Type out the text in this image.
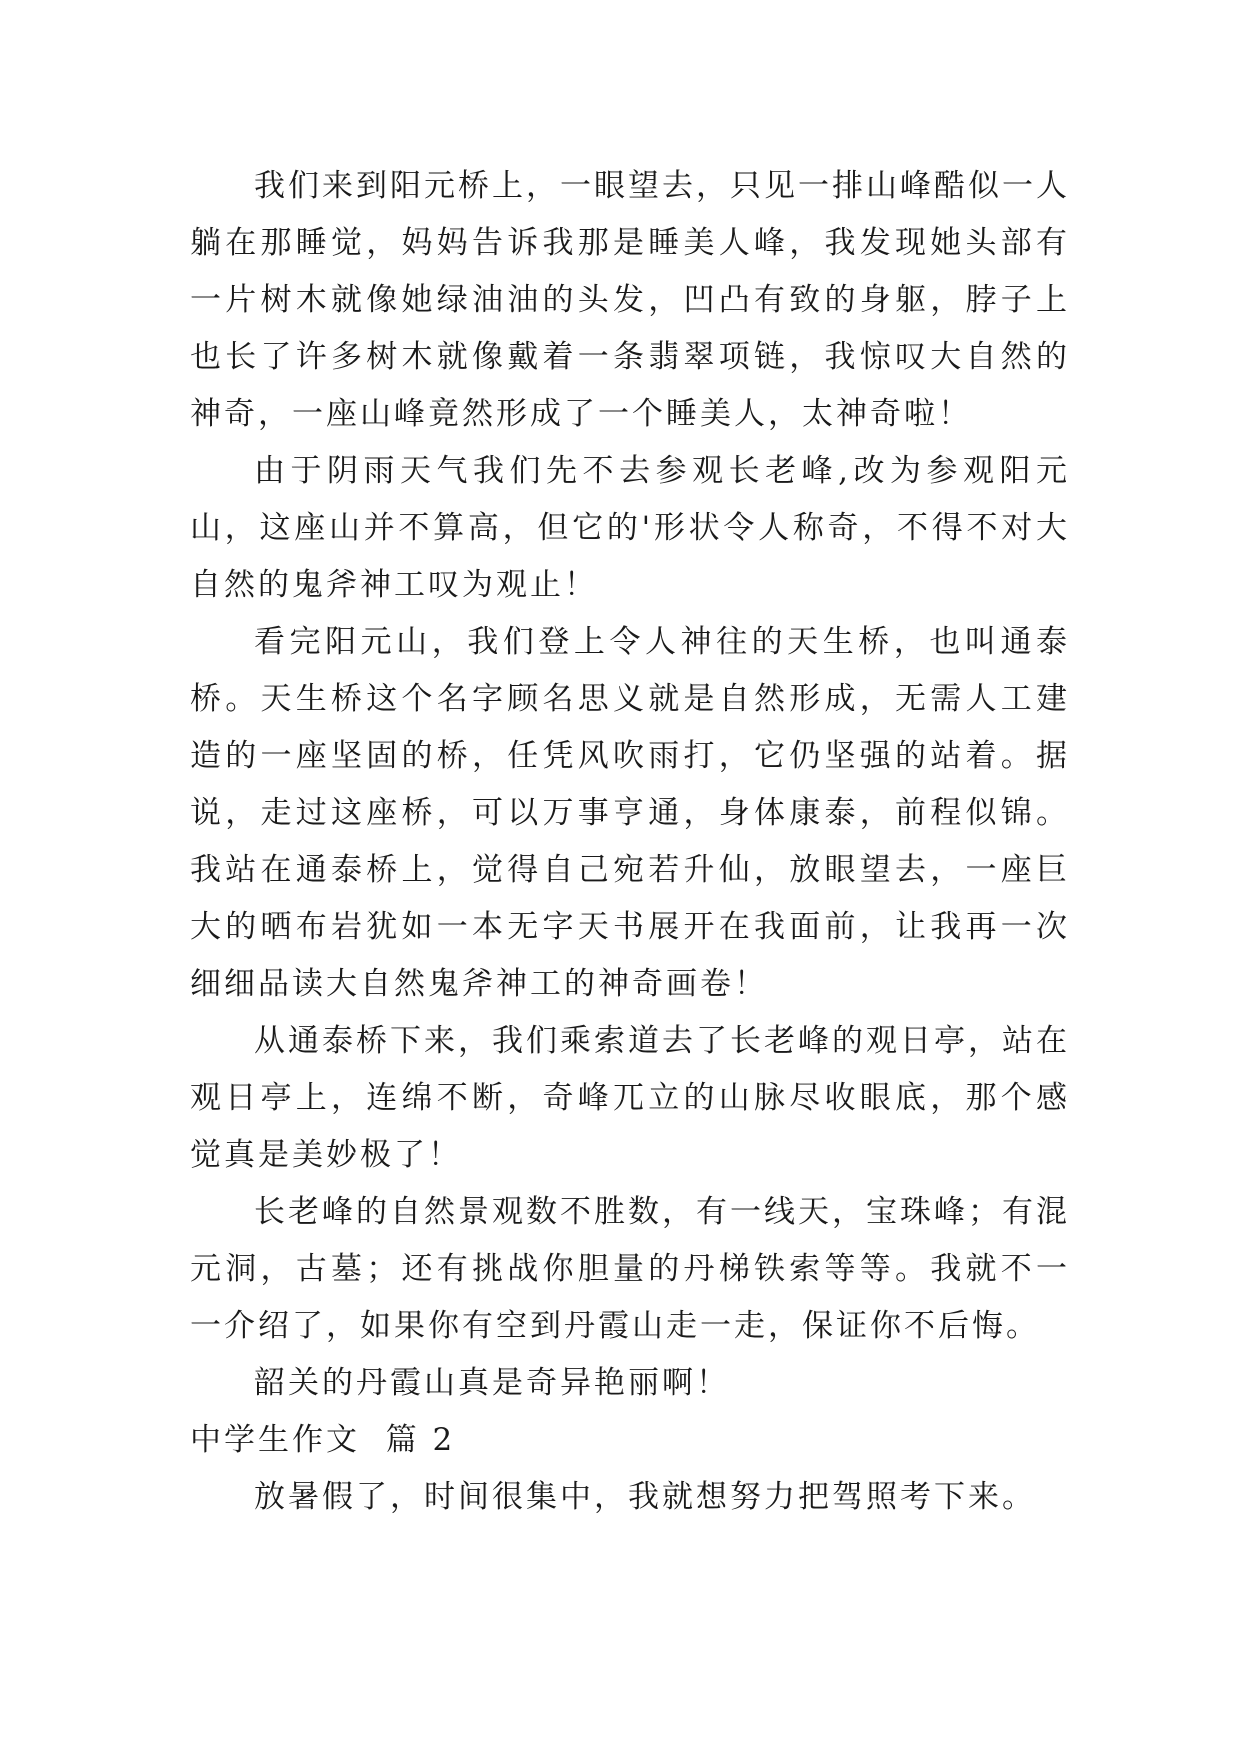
我们来到阳元桥上，一眼望去，只见一排山峰酷似一人躺在那睡觉，妈妈告诉我那是睡美人峰，我发现她头部有一片树木就像她绿油油的头发，凹凸有致的身躯，脖子上也长了许多树木就像戴着一条翡翠项链，我惊叹大自然的神奇，一座山峰竟然形成了一个睡美人，太神奇啦！

由于阴雨天气我们先不去参观长老峰,改为参观阳元山，这座山并不算高，但它的'形状令人称奇，不得不对大自然的鬼斧神工叹为观止！

看完阳元山，我们登上令人神往的天生桥，也叫通泰桥。天生桥这个名字顾名思义就是自然形成，无需人工建造的一座坚固的桥，任凭风吹雨打，它仍坚强的站着。据说，走过这座桥，可以万事亨通，身体康泰，前程似锦。我站在通泰桥上，觉得自己宛若升仙，放眼望去，一座巨大的晒布岩犹如一本无字天书展开在我面前，让我再一次细细品读大自然鬼斧神工的神奇画卷！

从通泰桥下来，我们乘索道去了长老峰的观日亭，站在观日亭上，连绵不断，奇峰兀立的山脉尽收眼底，那个感觉真是美妙极了！

长老峰的自然景观数不胜数，有一线天，宝珠峰；有混元洞，古墓；还有挑战你胆量的丹梯铁索等等。我就不一一介绍了，如果你有空到丹霞山走一走，保证你不后悔。

韶关的丹霞山真是奇异艳丽啊！

中学生作文  篇 2

放暑假了，时间很集中，我就想努力把驾照考下来。
